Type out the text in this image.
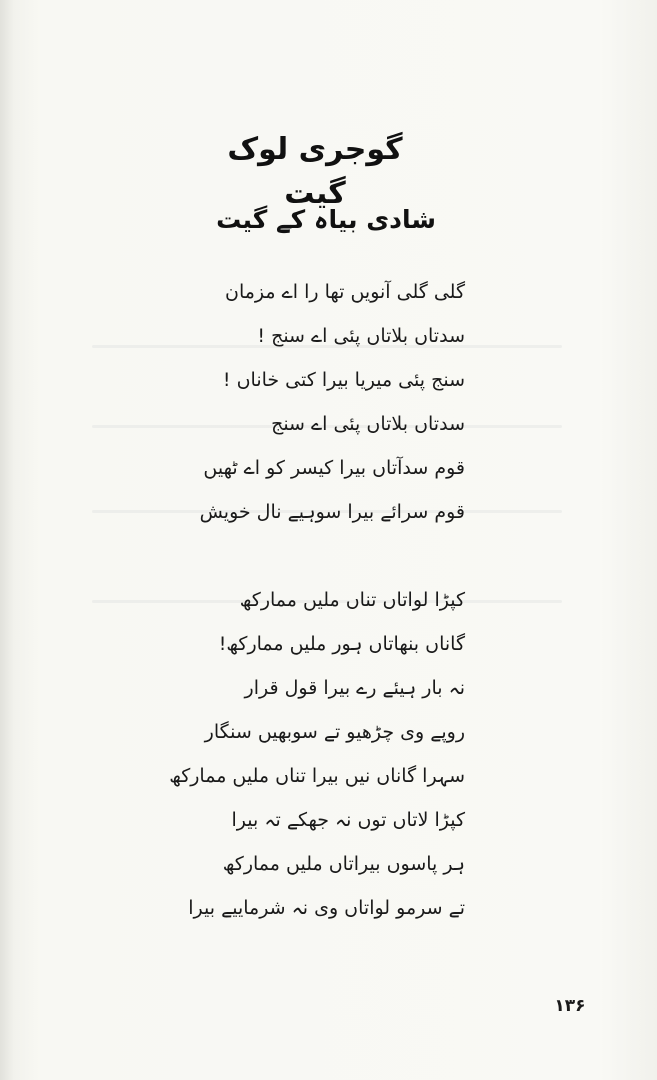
گوجری لوک گیت
شادی بیاہ کے گیت
گلی گلی آنویں تھا را اے مزمان
سدتاں بلاتاں پئی اے سنج !
سنج پئی میریا بیرا کتی خاناں !
سدتاں بلاتاں پئی اے سنج
قوم سدآتاں بیرا کیسر کو اے ٹھیں
قوم سرائے بیرا سوہیے نال خویش
کپڑا لواتاں تناں ملیں ممارکھ
گاناں بنھاتاں ہور ملیں ممارکھ!
نہ بار ہیئے رے بیرا قول قرار
روپے وی چڑھیو تے سوبھیں سنگار
سہرا گاناں نیں بیرا تناں ملیں ممارکھ
کپڑا لاتاں توں نہ جھکے تہ بیرا
ہر پاسوں بیراتاں ملیں ممارکھ
تے سرمو لواتاں وی نہ شرماییے بیرا
۱۳۶
